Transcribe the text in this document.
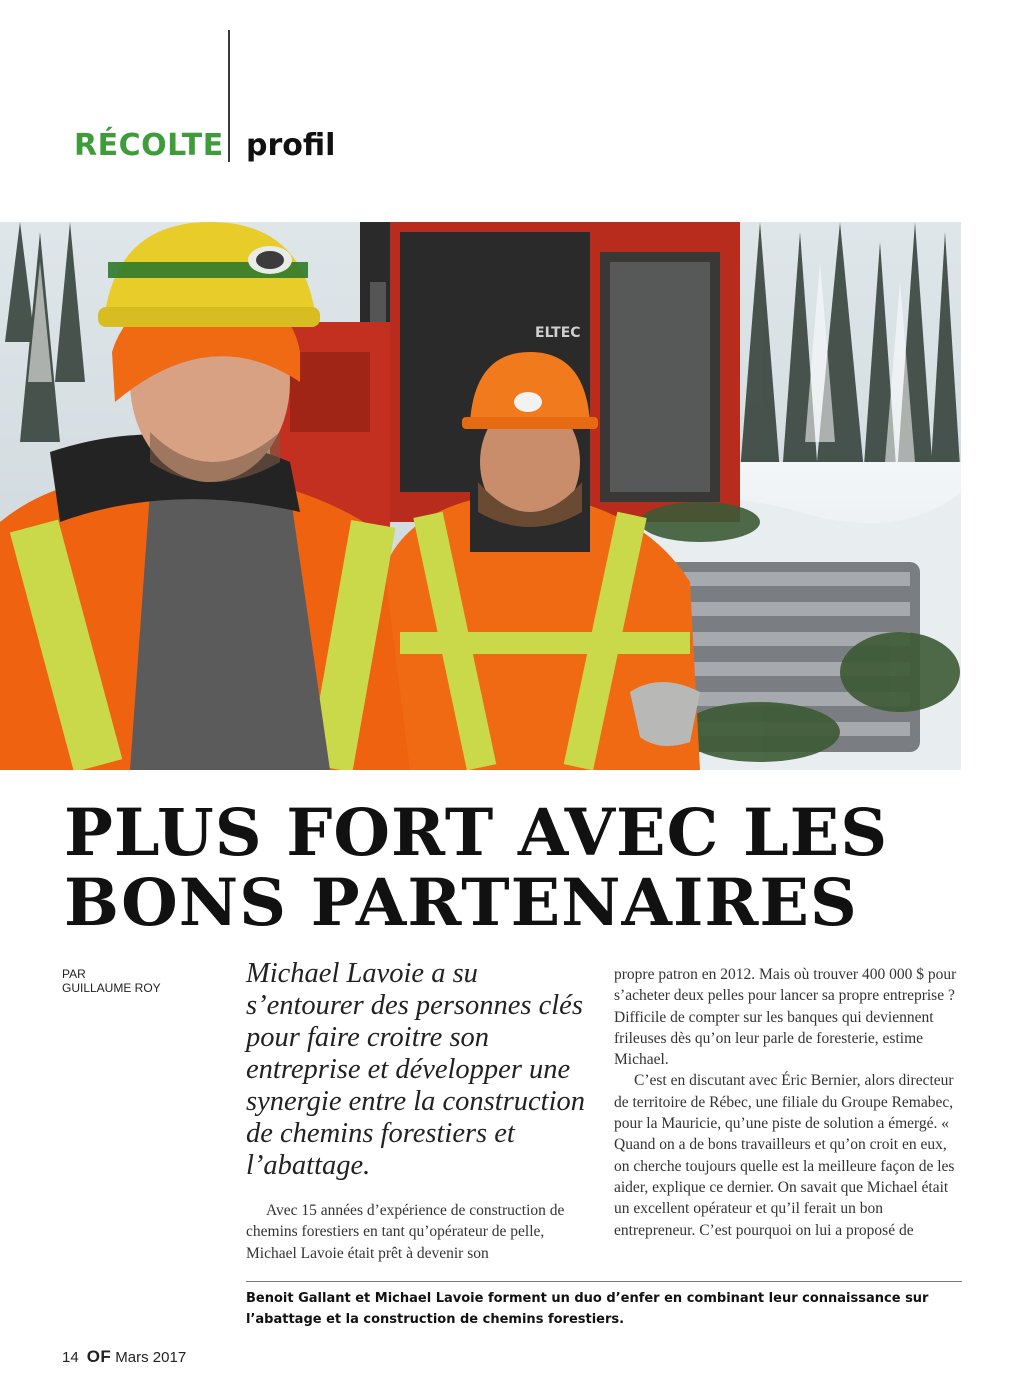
RÉCOLTE profil
ELTEC
PLUS FORT AVEC LES
BONS PARTENAIRES
PAR
GUILLAUME ROY	Michael Lavoie a su s’entourer des personnes clés pour faire croitre son entreprise et développer une synergie entre la construction de chemins forestiers et l’abattage.

Avec 15 années d’expérience de construction de chemins forestiers en tant qu’opérateur de pelle, Michael Lavoie était prêt à devenir son

propre patron en 2012. Mais où trouver 400 000 $ pour s’acheter deux pelles pour lancer sa propre entreprise ? Difficile de compter sur les banques qui deviennent frileuses dès qu’on leur parle de foresterie, estime Michael.

C’est en discutant avec Éric Bernier, alors directeur de territoire de Rébec, une filiale du Groupe Remabec, pour la Mauricie, qu’une piste de solution a émergé. « Quand on a de bons travailleurs et qu’on croit en eux, on cherche toujours quelle est la meilleure façon de les aider, explique ce dernier. On savait que Michael était un excellent opérateur et qu’il ferait un bon entrepreneur. C’est pourquoi on lui a proposé de

Benoit Gallant et Michael Lavoie forment un duo d’enfer en combinant leur connaissance sur l’abattage et la construction de chemins forestiers.

14 OF Mars 2017
